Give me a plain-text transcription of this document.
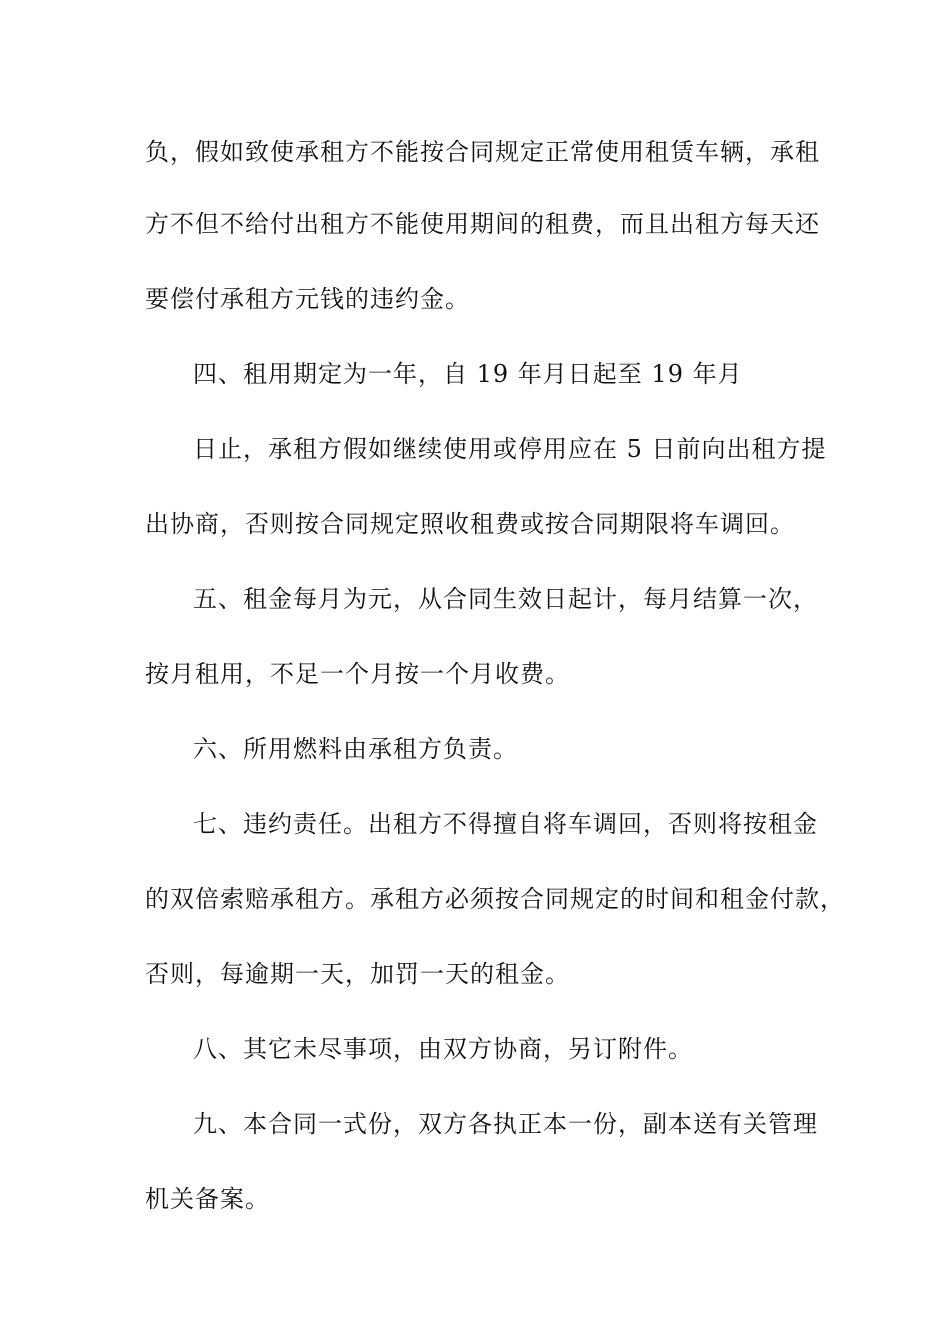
负，假如致使承租方不能按合同规定正常使用租赁车辆，承租
方不但不给付出租方不能使用期间的租费，而且出租方每天还
要偿付承租方元钱的违约金。
四、租用期定为一年，自 19 年月日起至 19 年月
日止，承租方假如继续使用或停用应在 5 日前向出租方提
出协商，否则按合同规定照收租费或按合同期限将车调回。
五、租金每月为元，从合同生效日起计，每月结算一次，
按月租用，不足一个月按一个月收费。
六、所用燃料由承租方负责。
七、违约责任。出租方不得擅自将车调回，否则将按租金
的双倍索赔承租方。承租方必须按合同规定的时间和租金付款，
否则，每逾期一天，加罚一天的租金。
八、其它未尽事项，由双方协商，另订附件。
九、本合同一式份，双方各执正本一份，副本送有关管理
机关备案。
